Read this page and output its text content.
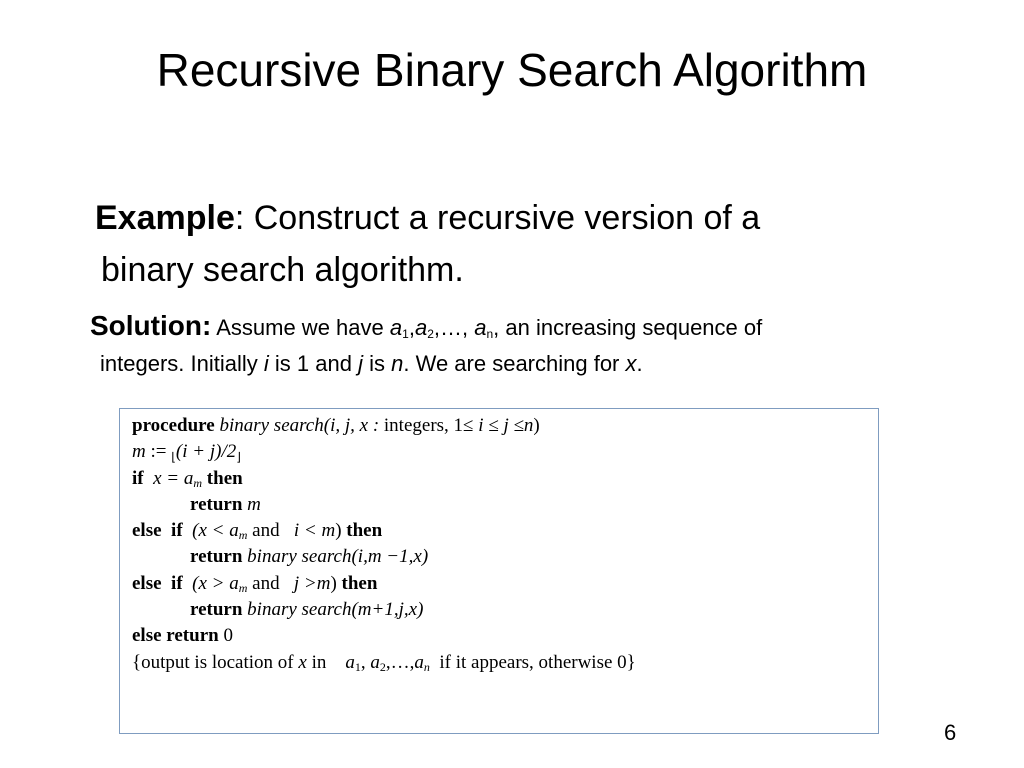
Recursive Binary Search Algorithm
Example: Construct a recursive version of a
binary search algorithm.
Solution: Assume we have $a_1,a_2,\dots$, $a_n$, an increasing sequence of
integers. Initially i is 1 and j is n. We are searching for x.
procedure binary search(i, j, x : integers, 1≤ i ≤ j ≤n)
m := $_⌊(i + j)/2_⌋$
if $x = a_m$ then
return m
else if ($x < a_m$ and i < m) then
return binary search(i,m −1,x)
else if ($x > a_m$ and j >m) then
return binary search(m+1,j,x)
else return 0
{output is location of x in $a_1$, $a_2,\dots,a_n$ if it appears, otherwise 0}
6
